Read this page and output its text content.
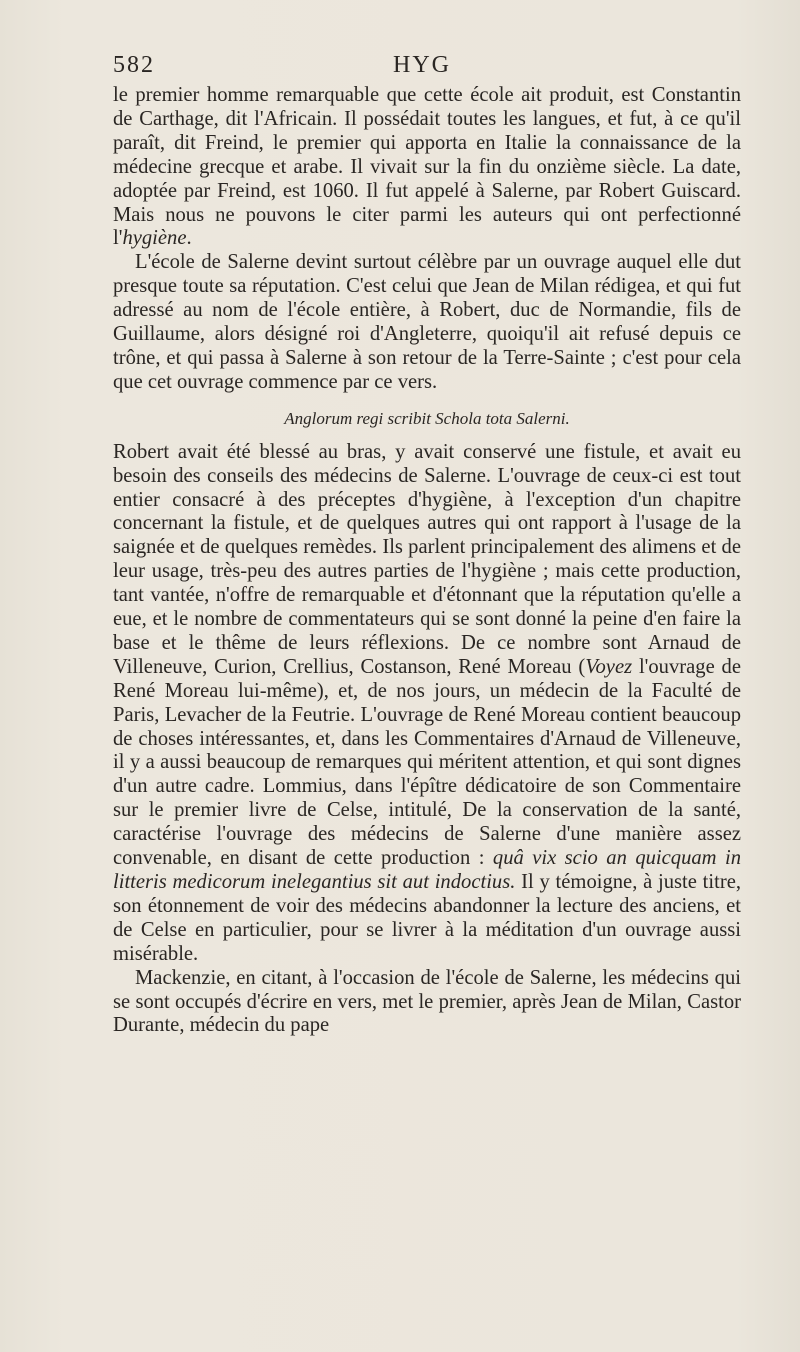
582	HYG

le premier homme remarquable que cette école ait produit, est Constantin de Carthage, dit l'Africain. Il possédait toutes les langues, et fut, à ce qu'il paraît, dit Freind, le premier qui apporta en Italie la connaissance de la médecine grecque et arabe. Il vivait sur la fin du onzième siècle. La date, adoptée par Freind, est 1060. Il fut appelé à Salerne, par Robert Guiscard. Mais nous ne pouvons le citer parmi les auteurs qui ont perfectionné l'hygiène.

L'école de Salerne devint surtout célèbre par un ouvrage auquel elle dut presque toute sa réputation. C'est celui que Jean de Milan rédigea, et qui fut adressé au nom de l'école entière, à Robert, duc de Normandie, fils de Guillaume, alors désigné roi d'Angleterre, quoiqu'il ait refusé depuis ce trône, et qui passa à Salerne à son retour de la Terre-Sainte ; c'est pour cela que cet ouvrage commence par ce vers.

Anglorum regi scribit Schola tota Salerni.

Robert avait été blessé au bras, y avait conservé une fistule, et avait eu besoin des conseils des médecins de Salerne. L'ouvrage de ceux-ci est tout entier consacré à des préceptes d'hygiène, à l'exception d'un chapitre concernant la fistule, et de quelques autres qui ont rapport à l'usage de la saignée et de quelques remèdes. Ils parlent principalement des alimens et de leur usage, très-peu des autres parties de l'hygiène ; mais cette production, tant vantée, n'offre de remarquable et d'étonnant que la réputation qu'elle a eue, et le nombre de commentateurs qui se sont donné la peine d'en faire la base et le thême de leurs réflexions. De ce nombre sont Arnaud de Villeneuve, Curion, Crellius, Costanson, René Moreau (Voyez l'ouvrage de René Moreau lui-même), et, de nos jours, un médecin de la Faculté de Paris, Levacher de la Feutrie. L'ouvrage de René Moreau contient beaucoup de choses intéressantes, et, dans les Commentaires d'Arnaud de Villeneuve, il y a aussi beaucoup de remarques qui méritent attention, et qui sont dignes d'un autre cadre. Lommius, dans l'épître dédicatoire de son Commentaire sur le premier livre de Celse, intitulé, De la conservation de la santé, caractérise l'ouvrage des médecins de Salerne d'une manière assez convenable, en disant de cette production : quâ vix scio an quicquam in litteris medicorum inelegantius sit aut indoctius. Il y témoigne, à juste titre, son étonnement de voir des médecins abandonner la lecture des anciens, et de Celse en particulier, pour se livrer à la méditation d'un ouvrage aussi misérable.

Mackenzie, en citant, à l'occasion de l'école de Salerne, les médecins qui se sont occupés d'écrire en vers, met le premier, après Jean de Milan, Castor Durante, médecin du pape
